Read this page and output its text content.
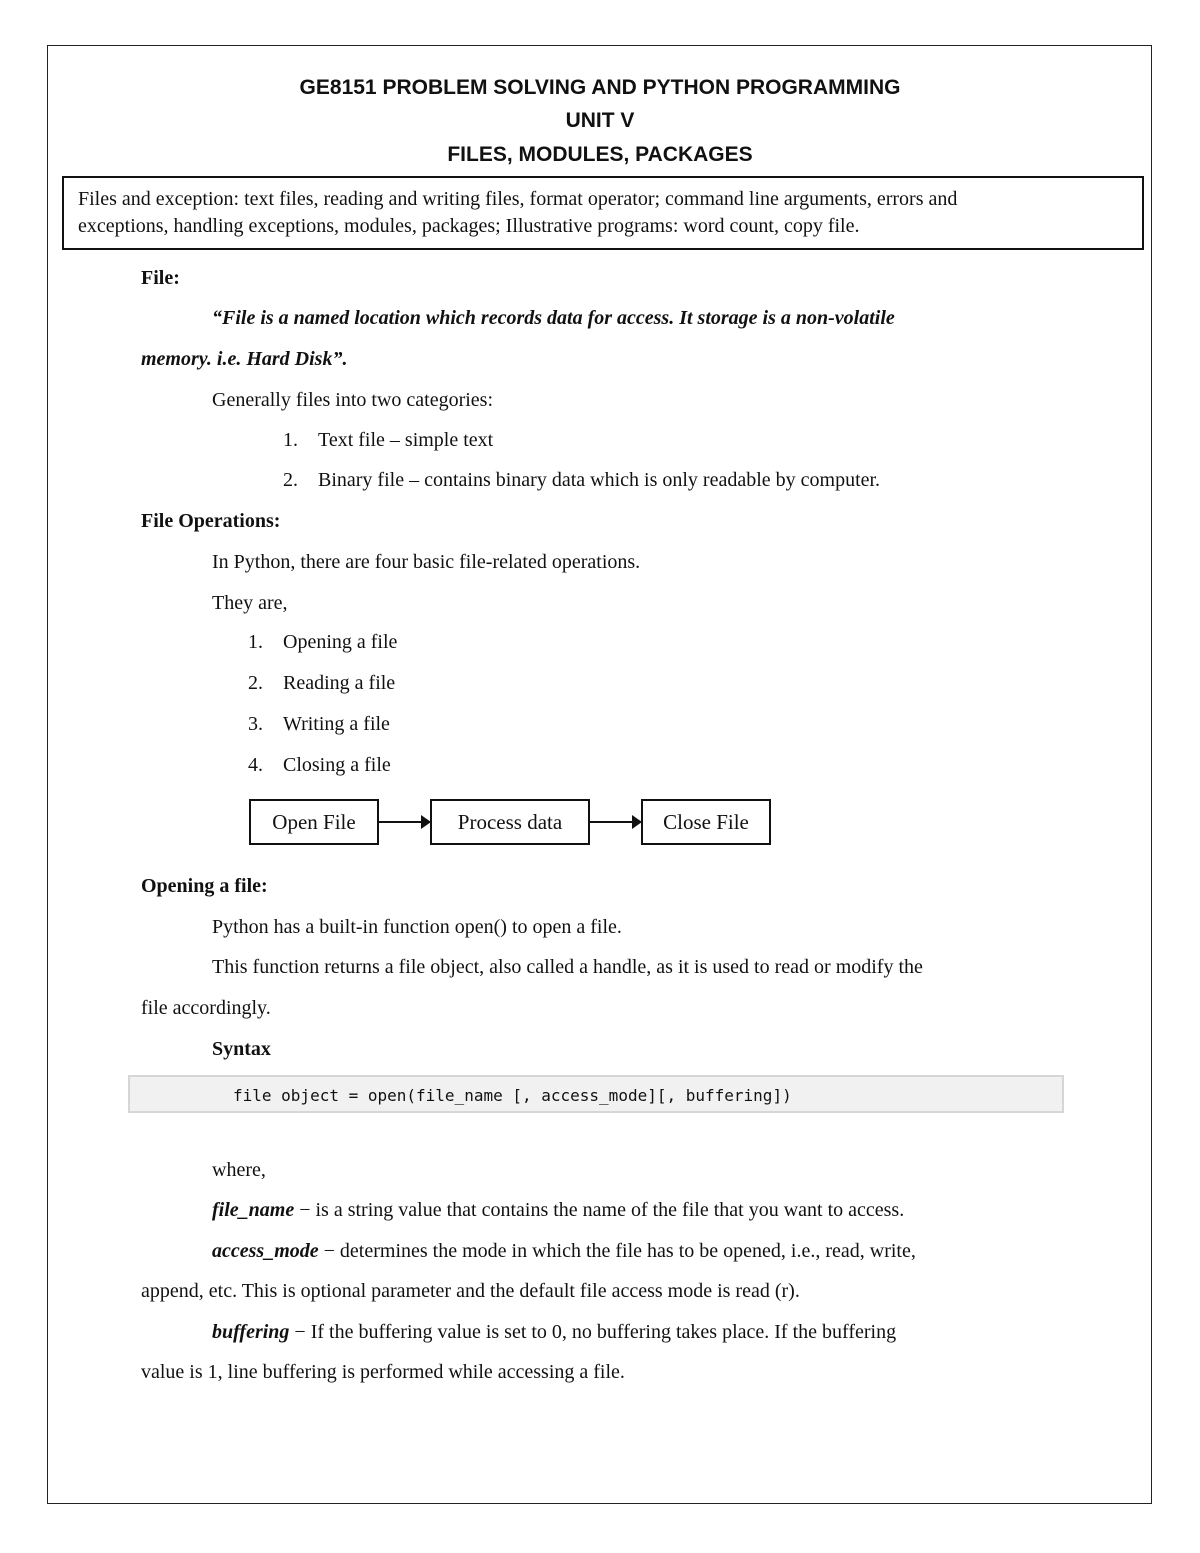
GE8151 PROBLEM SOLVING AND PYTHON PROGRAMMING
UNIT V
FILES, MODULES, PACKAGES
Files and exception: text files, reading and writing files, format operator; command line arguments, errors and
exceptions, handling exceptions, modules, packages; Illustrative programs: word count, copy file.
File:
“File is a named location which records data for access. It storage is a non-volatile
memory. i.e. Hard Disk”.
Generally files into two categories:
1. Text file – simple text
2. Binary file – contains binary data which is only readable by computer.
File Operations:
In Python, there are four basic file-related operations.
They are,
1. Opening a file
2. Reading a file
3. Writing a file
4. Closing a file
Open File	Process data	Close File
Opening a file:
Python has a built-in function open() to open a file.
This function returns a file object, also called a handle, as it is used to read or modify the
file accordingly.
Syntax
file object = open(file_name [, access_mode][, buffering])
where,
file_name − is a string value that contains the name of the file that you want to access.
access_mode − determines the mode in which the file has to be opened, i.e., read, write,
append, etc. This is optional parameter and the default file access mode is read (r).
buffering − If the buffering value is set to 0, no buffering takes place. If the buffering
value is 1, line buffering is performed while accessing a file.
